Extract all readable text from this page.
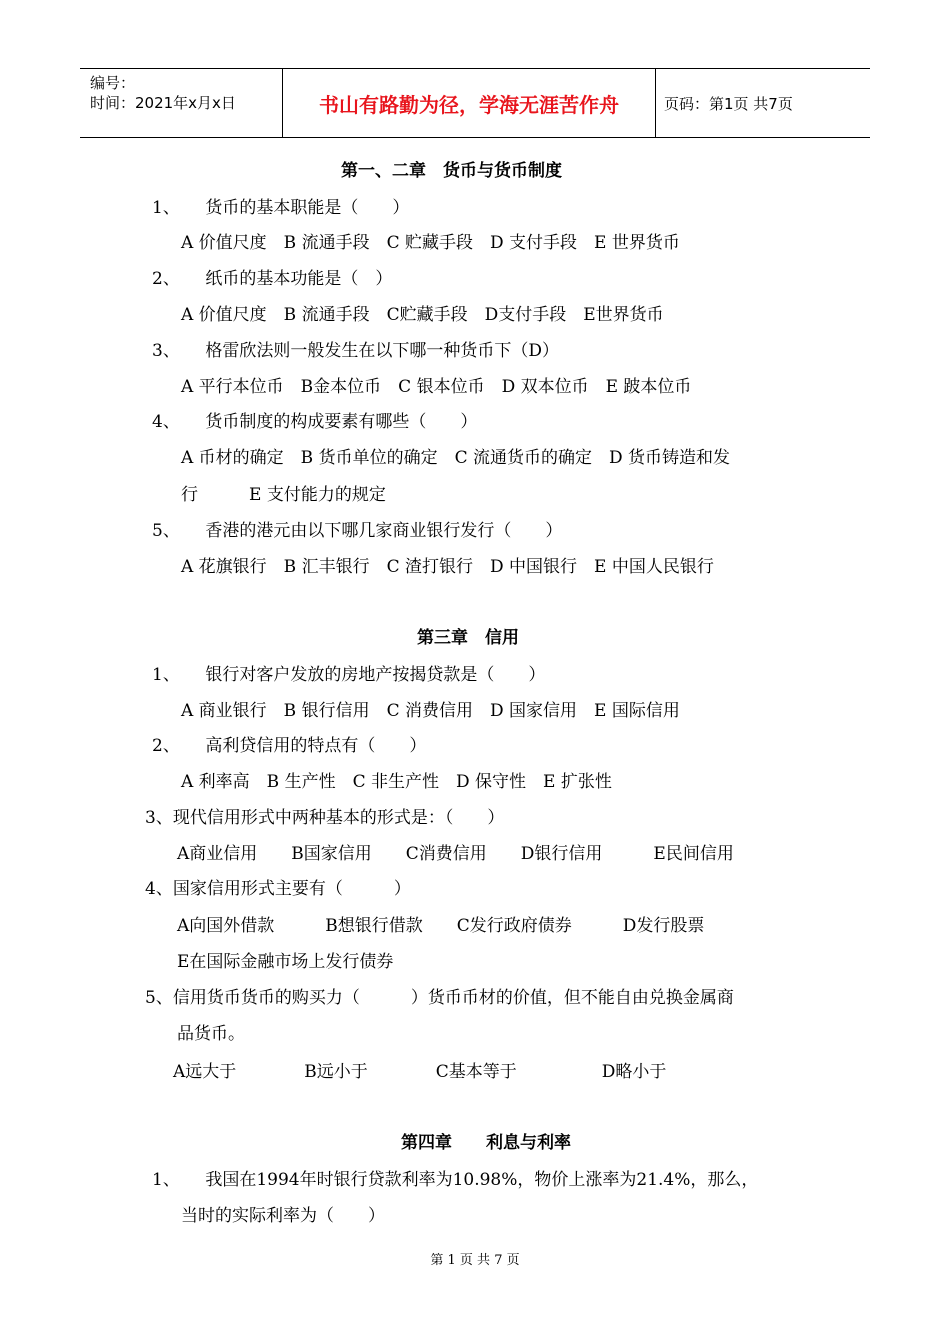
编号：
时间：2021年x月x日	书山有路勤为径，学海无涯苦作舟	页码：第1页 共7页
第一、二章　货币与货币制度
1、　　货币的基本职能是（　　）
A 价值尺度　B 流通手段　C 贮藏手段　D 支付手段　E 世界货币
2、　　纸币的基本功能是（　）
A 价值尺度　B 流通手段　C贮藏手段　D支付手段　E世界货币
3、　　格雷欣法则一般发生在以下哪一种货币下（D）
A 平行本位币　B金本位币　C 银本位币　D 双本位币　E 跛本位币
4、　　货币制度的构成要素有哪些（　　）
A 币材的确定　B 货币单位的确定　C 流通货币的确定　D 货币铸造和发
行　　　E 支付能力的规定
5、　　香港的港元由以下哪几家商业银行发行（　　）
A 花旗银行　B 汇丰银行　C 渣打银行　D 中国银行　E 中国人民银行
第三章　信用
1、　　银行对客户发放的房地产按揭贷款是（　　）
A 商业银行　B 银行信用　C 消费信用　D 国家信用　E 国际信用
2、　　高利贷信用的特点有（　　）
A 利率高　B 生产性　C 非生产性　D 保守性　E 扩张性
3、现代信用形式中两种基本的形式是：（　　）
A商业信用　　B国家信用　　C消费信用　　D银行信用　　　E民间信用
4、国家信用形式主要有（　　　）
A向国外借款　　　B想银行借款　　C发行政府债券　　　D发行股票
E在国际金融市场上发行债券
5、信用货币货币的购买力（　　　）货币币材的价值，但不能自由兑换金属商
品货币。
A远大于　　　　B远小于　　　　C基本等于　　　　　D略小于
第四章　　利息与利率
1、　　我国在1994年时银行贷款利率为10.98%，物价上涨率为21.4%，那么，
当时的实际利率为（　　）
第 1 页 共 7 页
